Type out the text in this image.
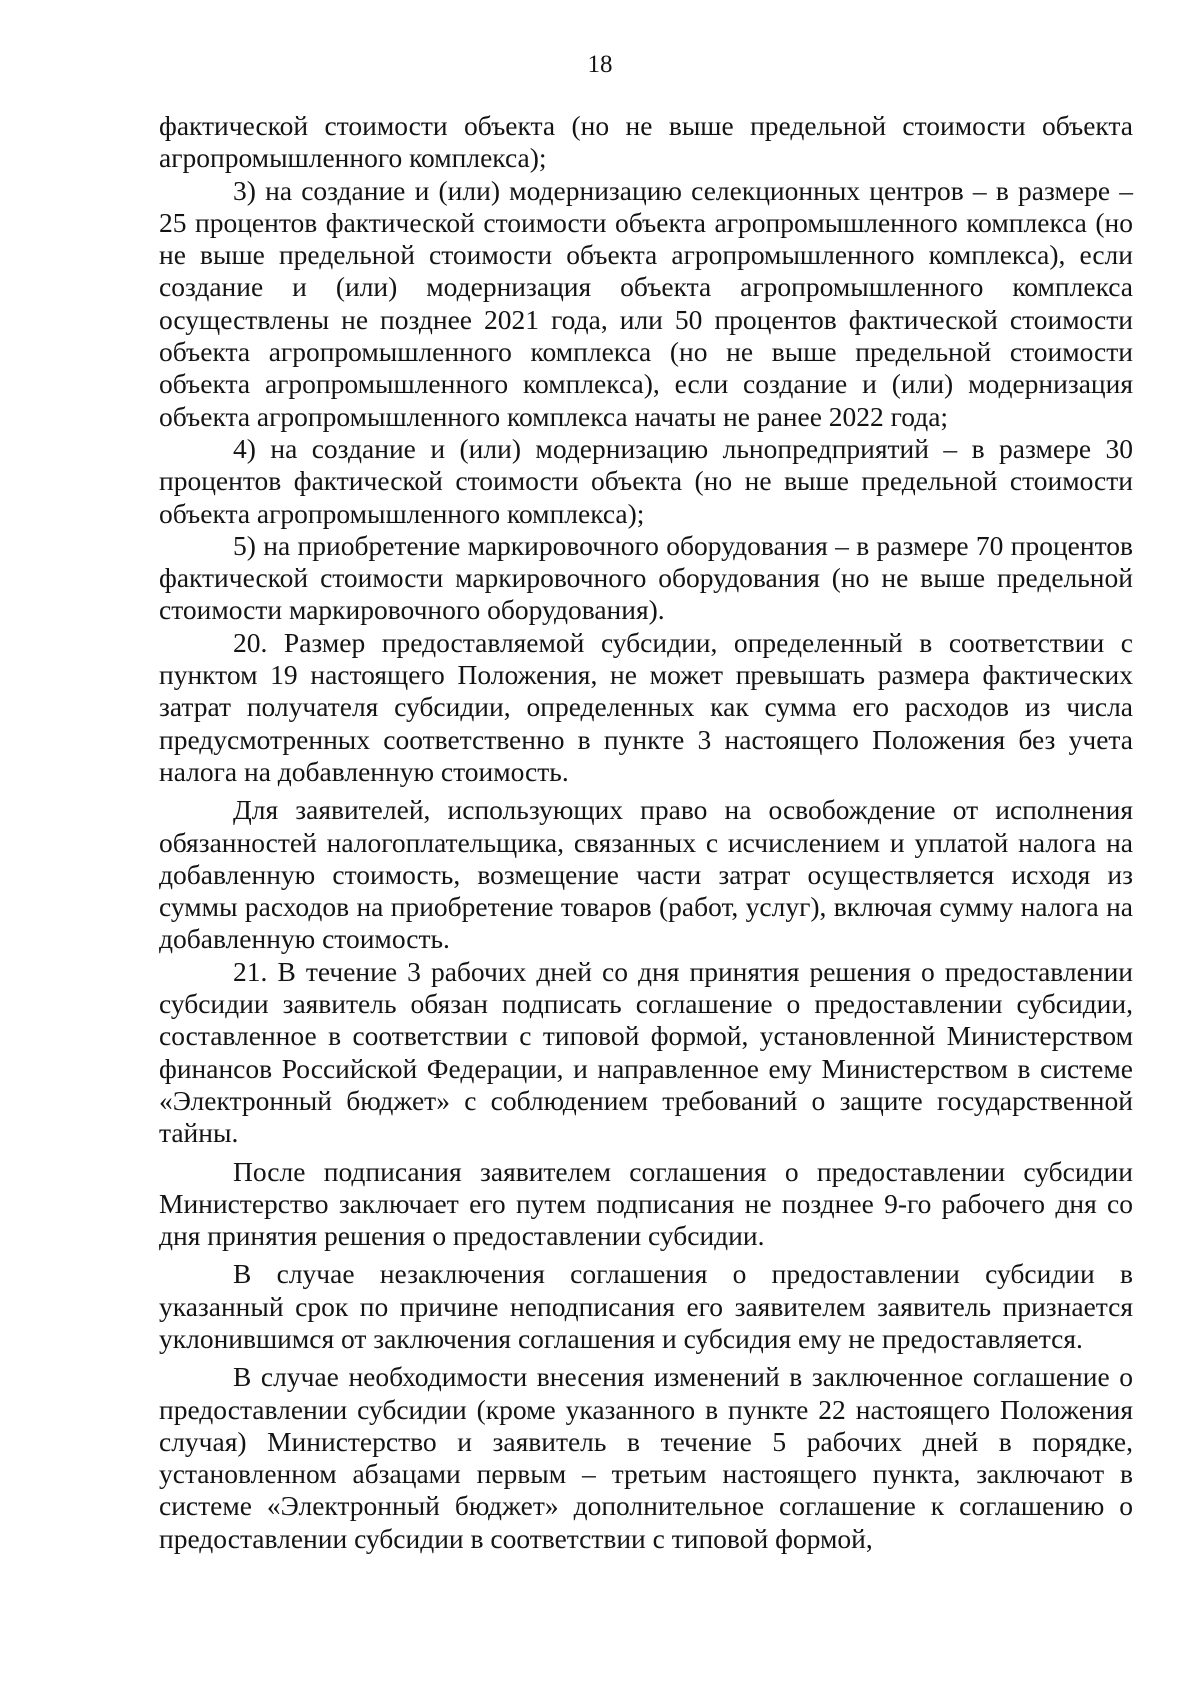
18

фактической стоимости объекта (но не выше предельной стоимости объекта агропромышленного комплекса);

3) на создание и (или) модернизацию селекционных центров – в размере – 25 процентов фактической стоимости объекта агропромышленного комплекса (но не выше предельной стоимости объекта агропромышленного комплекса), если создание и (или) модернизация объекта агропромышленного комплекса осуществлены не позднее 2021 года, или 50 процентов фактической стоимости объекта агропромышленного комплекса (но не выше предельной стоимости объекта агропромышленного комплекса), если создание и (или) модернизация объекта агропромышленного комплекса начаты не ранее 2022 года;

4) на создание и (или) модернизацию льнопредприятий – в размере 30 процентов фактической стоимости объекта (но не выше предельной стоимости объекта агропромышленного комплекса);

5) на приобретение маркировочного оборудования – в размере 70 процентов фактической стоимости маркировочного оборудования (но не выше предельной стоимости маркировочного оборудования).

20. Размер предоставляемой субсидии, определенный в соответствии с пунктом 19 настоящего Положения, не может превышать размера фактических затрат получателя субсидии, определенных как сумма его расходов из числа предусмотренных соответственно в пункте 3 настоящего Положения без учета налога на добавленную стоимость.

Для заявителей, использующих право на освобождение от исполнения обязанностей налогоплательщика, связанных с исчислением и уплатой налога на добавленную стоимость, возмещение части затрат осуществляется исходя из суммы расходов на приобретение товаров (работ, услуг), включая сумму налога на добавленную стоимость.

21. В течение 3 рабочих дней со дня принятия решения о предоставлении субсидии заявитель обязан подписать соглашение о предоставлении субсидии, составленное в соответствии с типовой формой, установленной Министерством финансов Российской Федерации, и направленное ему Министерством в системе «Электронный бюджет» с соблюдением требований о защите государственной тайны.

После подписания заявителем соглашения о предоставлении субсидии Министерство заключает его путем подписания не позднее 9-го рабочего дня со дня принятия решения о предоставлении субсидии.

В случае незаключения соглашения о предоставлении субсидии в указанный срок по причине неподписания его заявителем заявитель признается уклонившимся от заключения соглашения и субсидия ему не предоставляется.

В случае необходимости внесения изменений в заключенное соглашение о предоставлении субсидии (кроме указанного в пункте 22 настоящего Положения случая) Министерство и заявитель в течение 5 рабочих дней в порядке, установленном абзацами первым – третьим настоящего пункта, заключают в системе «Электронный бюджет» дополнительное соглашение к соглашению о предоставлении субсидии в соответствии с типовой формой,
